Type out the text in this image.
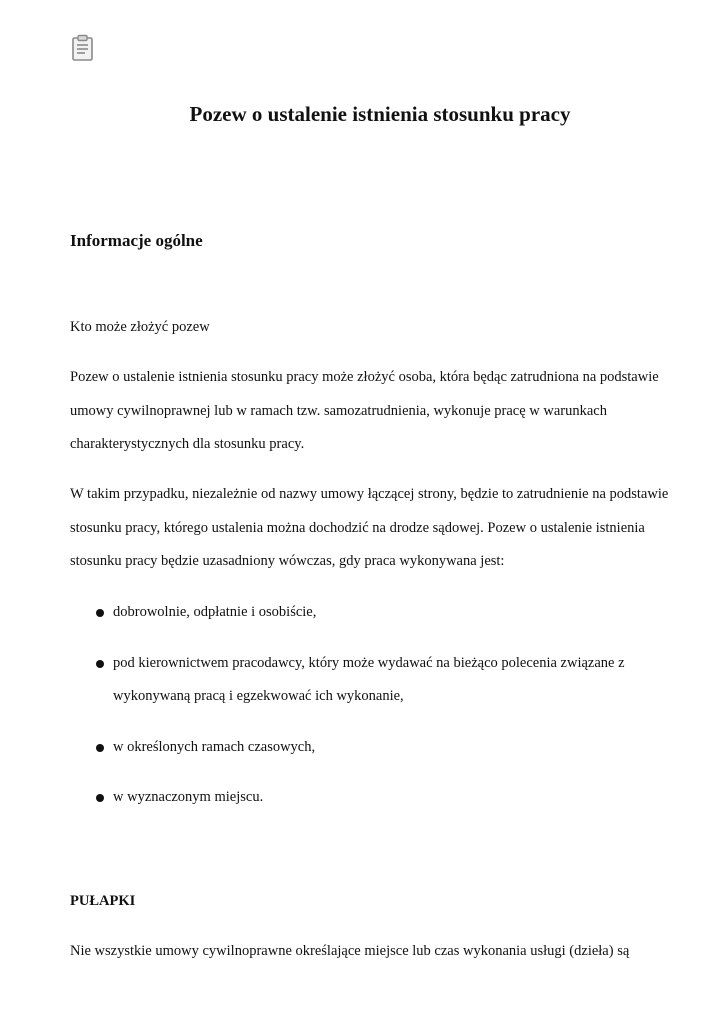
Pozew o ustalenie istnienia stosunku pracy
Informacje ogólne

Kto może złożyć pozew

Pozew o ustalenie istnienia stosunku pracy może złożyć osoba, która będąc zatrudniona na podstawie umowy cywilnoprawnej lub w ramach tzw. samozatrudnienia, wykonuje pracę w warunkach charakterystycznych dla stosunku pracy.

W takim przypadku, niezależnie od nazwy umowy łączącej strony, będzie to zatrudnienie na podstawie stosunku pracy, którego ustalenia można dochodzić na drodze sądowej. Pozew o ustalenie istnienia stosunku pracy będzie uzasadniony wówczas, gdy praca wykonywana jest:

dobrowolnie, odpłatnie i osobiście,
pod kierownictwem pracodawcy, który może wydawać na bieżąco polecenia związane z wykonywaną pracą i egzekwować ich wykonanie,
w określonych ramach czasowych,
w wyznaczonym miejscu.
PUŁAPKI

Nie wszystkie umowy cywilnoprawne określające miejsce lub czas wykonania usługi (dzieła) są
